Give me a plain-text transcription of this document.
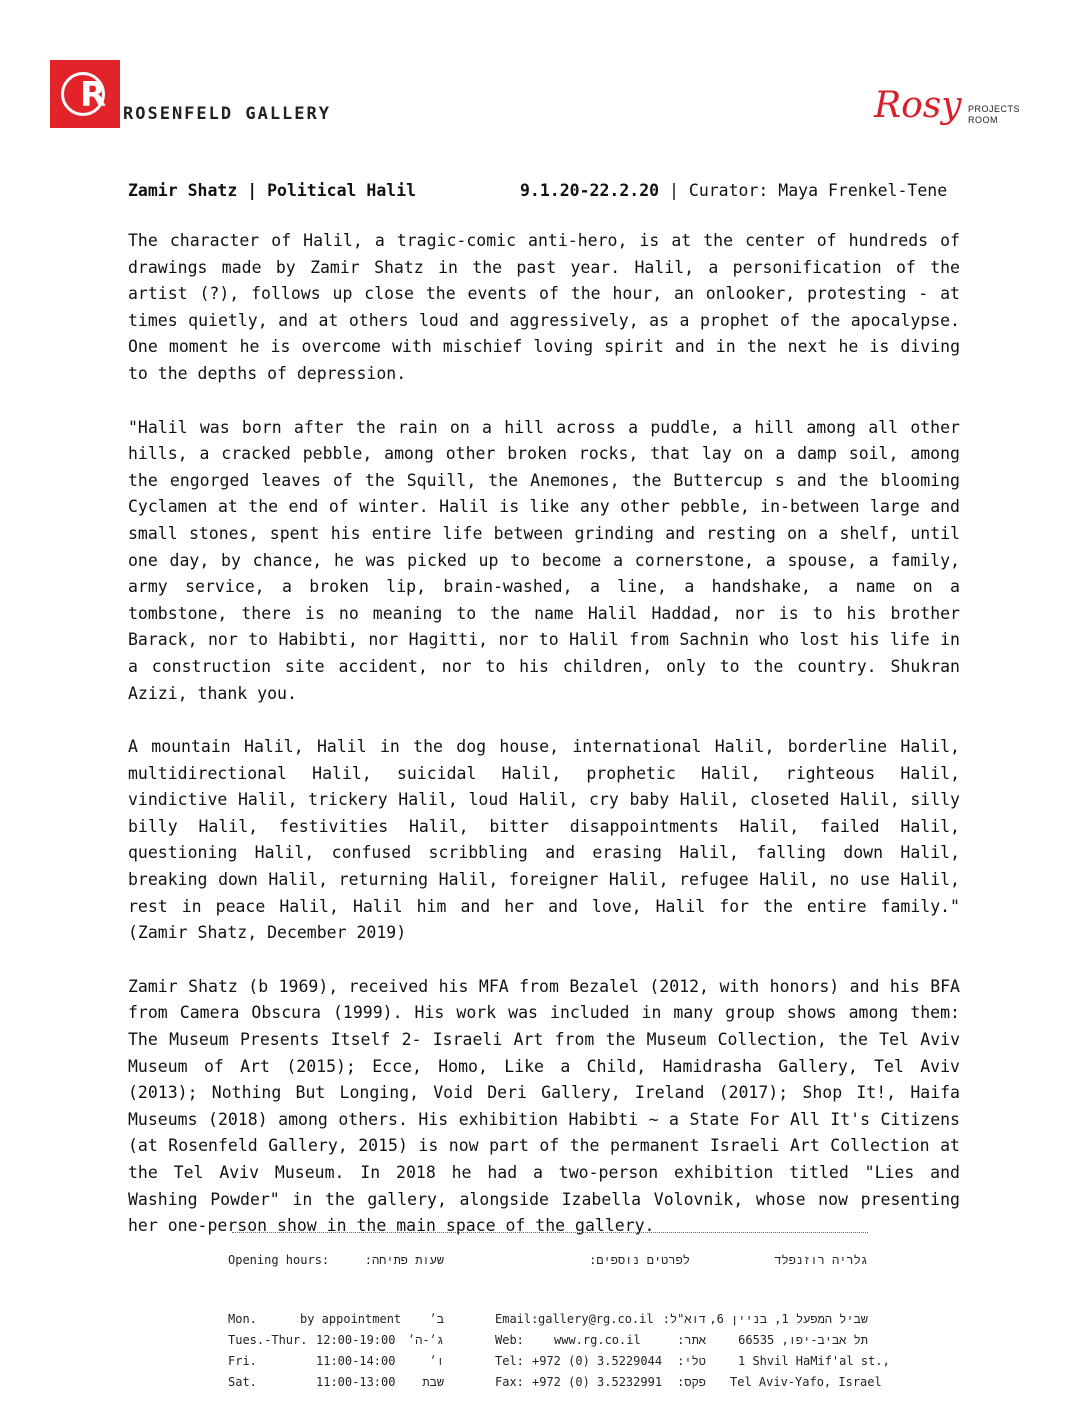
R ROSENFELD GALLERY	Rosy PROJECTS
ROOM
Zamir Shatz | Political Halil	9.1.20-22.2.20 | Curator: Maya Frenkel-Tene

The character of Halil, a tragic-comic anti-hero, is at the center of hundreds of drawings made by Zamir Shatz in the past year. Halil, a personification of the artist (?), follows up close the events of the hour, an onlooker, protesting - at times quietly, and at others loud and aggressively, as a prophet of the apocalypse. One moment he is overcome with mischief loving spirit and in the next he is diving to the depths of depression.

"Halil was born after the rain on a hill across a puddle, a hill among all other hills, a cracked pebble, among other broken rocks, that lay on a damp soil, among the engorged leaves of the Squill, the Anemones, the Buttercup s and the blooming Cyclamen at the end of winter. Halil is like any other pebble, in-between large and small stones, spent his entire life between grinding and resting on a shelf, until one day, by chance, he was picked up to become a cornerstone, a spouse, a family, army service, a broken lip, brain-washed, a line, a handshake, a name on a tombstone, there is no meaning to the name Halil Haddad, nor is to his brother Barack, nor to Habibti, nor Hagitti, nor to Halil from Sachnin who lost his life in a construction site accident, nor to his children, only to the country. Shukran Azizi, thank you.

A mountain Halil, Halil in the dog house, international Halil, borderline Halil, multidirectional Halil, suicidal Halil, prophetic Halil, righteous Halil, vindictive Halil, trickery Halil, loud Halil, cry baby Halil, closeted Halil, silly billy Halil, festivities Halil, bitter disappointments Halil, failed Halil, questioning Halil, confused scribbling and erasing Halil, falling down Halil, breaking down Halil, returning Halil, foreigner Halil, refugee Halil, no use Halil, rest in peace Halil, Halil him and her and love, Halil for the entire family." (Zamir Shatz, December 2019)

Zamir Shatz (b 1969), received his MFA from Bezalel (2012, with honors) and his BFA from Camera Obscura (1999). His work was included in many group shows among them: The Museum Presents Itself 2- Israeli Art from the Museum Collection, the Tel Aviv Museum of Art (2015); Ecce, Homo, Like a Child, Hamidrasha Gallery, Tel Aviv (2013); Nothing But Longing, Void Deri Gallery, Ireland (2017); Shop It!, Haifa Museums (2018) among others. His exhibition Habibti ~ a State For All It's Citizens (at Rosenfeld Gallery, 2015) is now part of the permanent Israeli Art Collection at the Tel Aviv Museum. In 2018 he had a two-person exhibition titled "Lies and Washing Powder" in the gallery, alongside Izabella Volovnik, whose now presenting her one-person show in the main space of the gallery.

Opening hours:	שעות פתיחה:	לפרטים נוספים:	גלריה רוזנפלד
Mon.	by appointment	ב׳
Tues.-Thur. 12:00-19:00	ג׳-ה׳
Fri.	11:00-14:00	ו׳
Sat.	11:00-13:00	שבת
Email: gallery@rg.co.il דוא"ל:
Web:	www.rg.co.il	אתר:
Tel: +972 (0) 3.5229044	טלי:
Fax: +972 (0) 3.5232991	פקס:
שביל המפעל 1, בניין 6,
תל אביב-יפו, 66535
1 Shvil HaMif'al st.,
Tel Aviv-Yafo, Israel
